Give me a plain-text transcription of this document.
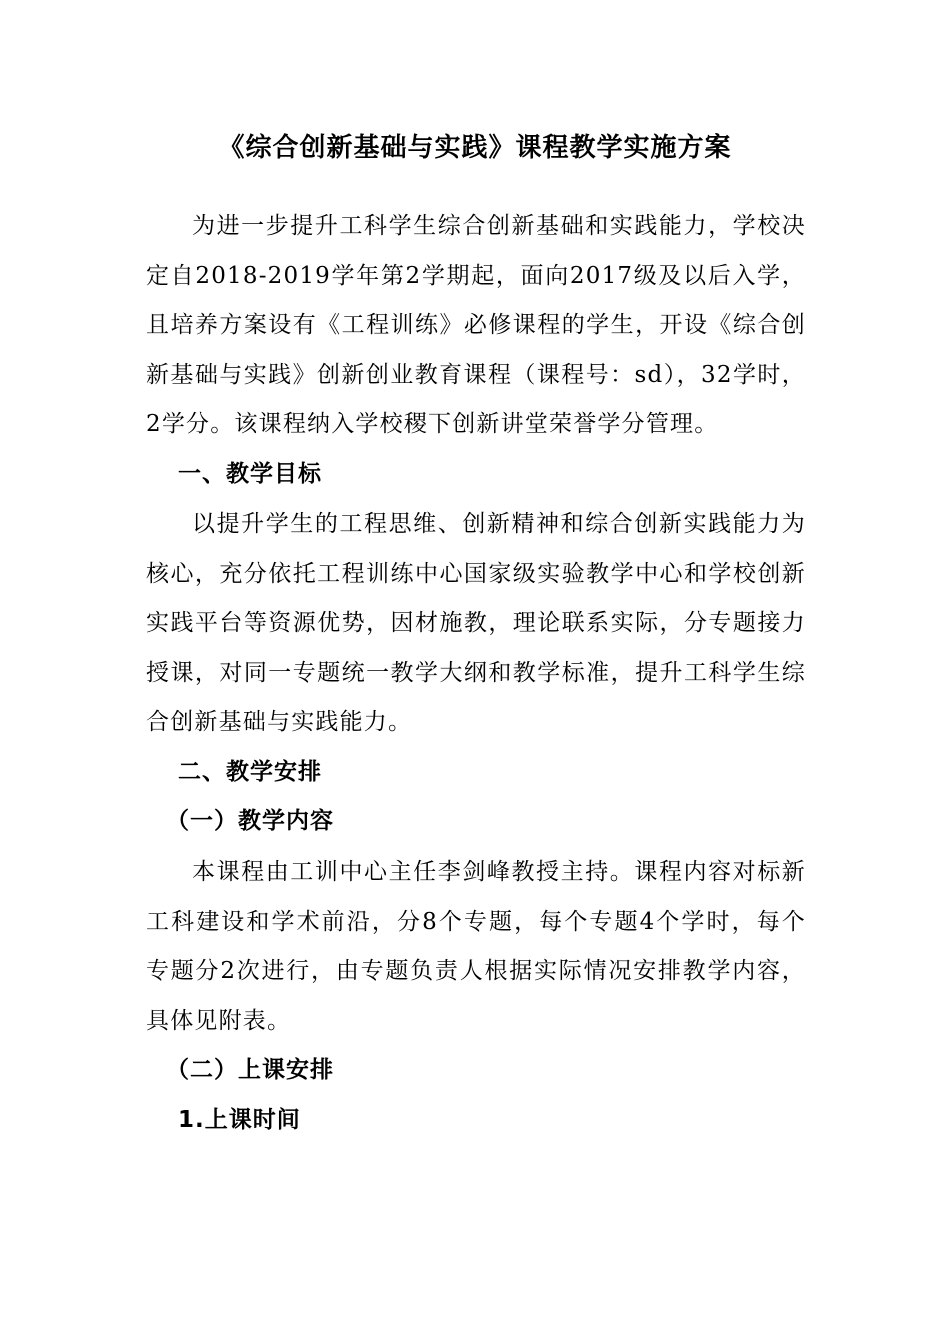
《综合创新基础与实践》课程教学实施方案
为进一步提升工科学生综合创新基础和实践能力，学校决定自2018-2019学年第2学期起，面向2017级及以后入学，且培养方案设有《工程训练》必修课程的学生，开设《综合创新基础与实践》创新创业教育课程（课程号：sd），32学时，2学分。该课程纳入学校稷下创新讲堂荣誉学分管理。
一、教学目标
以提升学生的工程思维、创新精神和综合创新实践能力为核心，充分依托工程训练中心国家级实验教学中心和学校创新实践平台等资源优势，因材施教，理论联系实际，分专题接力授课，对同一专题统一教学大纲和教学标准，提升工科学生综合创新基础与实践能力。
二、教学安排
（一）教学内容
本课程由工训中心主任李剑峰教授主持。课程内容对标新工科建设和学术前沿，分8个专题，每个专题4个学时，每个专题分2次进行，由专题负责人根据实际情况安排教学内容，具体见附表。
（二）上课安排
1.上课时间
